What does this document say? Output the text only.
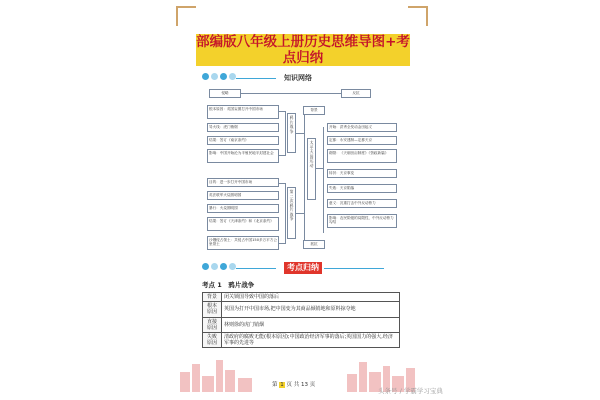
部编版八年级上册历史思维导图+考
点归纳
知识网络
侵略	反抗
背景
根本原因：英国妄图打开中国市场
导火线：虎门销烟
结果：签订《南京条约》
影响：中国开始沦为半殖民地半封建社会
目的：进一步打开中国市场
英法联军火烧圆明园
暴行：火烧圆明园
结果：签订《天津条约》和《北京条约》
沙俄侵占领土：共侵占中国150多万平方公里领土
鸦片战争
第二次鸦片战争
太平天国运动
抵抗
开始：洪秀全发动金田起义
定都：永安建制—定都天京
纲领：《天朝田亩制度》《资政新篇》
转折：天京事变
失败：天京陷落
意义：沉重打击中外反动势力
影响：农民阶级的局限性，中外反动势力勾结
考点归纳
考点 1　鸦片战争
背景	闭关锁国导致中国的落后
根本原因	英国为打开中国市场,把中国变为其商品倾销地和原料掠夺地
直接原因	林则徐的虎门销烟
失败原因	清政府的腐败无能(根本原因);中国政治经济军事的落后;英国国力的强大,经济军事的先进等
第 1 页 共 13 页
头条号 / 学霸学习宝典
